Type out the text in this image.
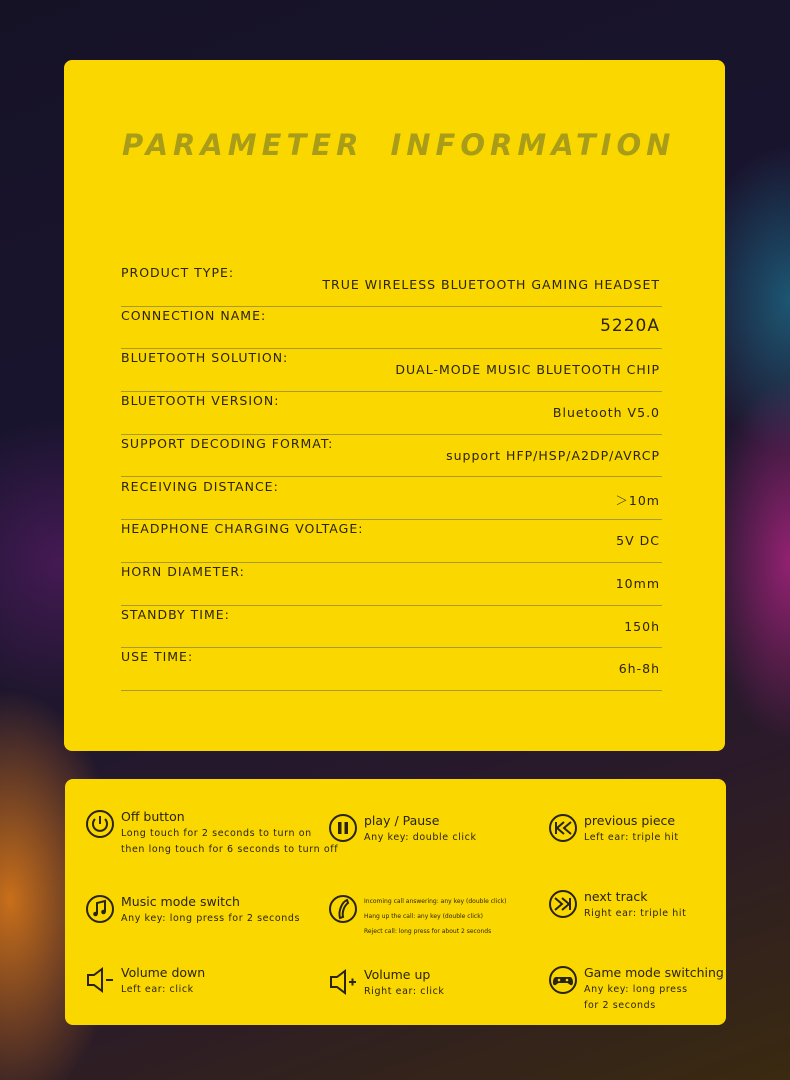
PARAMETER INFORMATION
PRODUCT TYPE:
TRUE WIRELESS BLUETOOTH GAMING HEADSET
CONNECTION NAME:
5220A
BLUETOOTH SOLUTION:
DUAL-MODE MUSIC BLUETOOTH CHIP
BLUETOOTH VERSION:
Bluetooth V5.0
SUPPORT DECODING FORMAT:
support HFP/HSP/A2DP/AVRCP
RECEIVING DISTANCE:
＞10m
HEADPHONE CHARGING VOLTAGE:
5V DC
HORN DIAMETER:
10mm
STANDBY TIME:
150h
USE TIME:
6h-8h
Off button
Long touch for 2 seconds to turn on
then long touch for 6 seconds to turn off
play / Pause
Any key: double click
previous piece
Left ear: triple hit
Music mode switch
Any key: long press for 2 seconds
Incoming call answering: any key (double click)
Hang up the call: any key (double click)
Reject call: long press for about 2 seconds
next track
Right ear: triple hit
Volume down
Left ear: click
Volume up
Right ear: click
Game mode switching
Any key: long press
for 2 seconds
